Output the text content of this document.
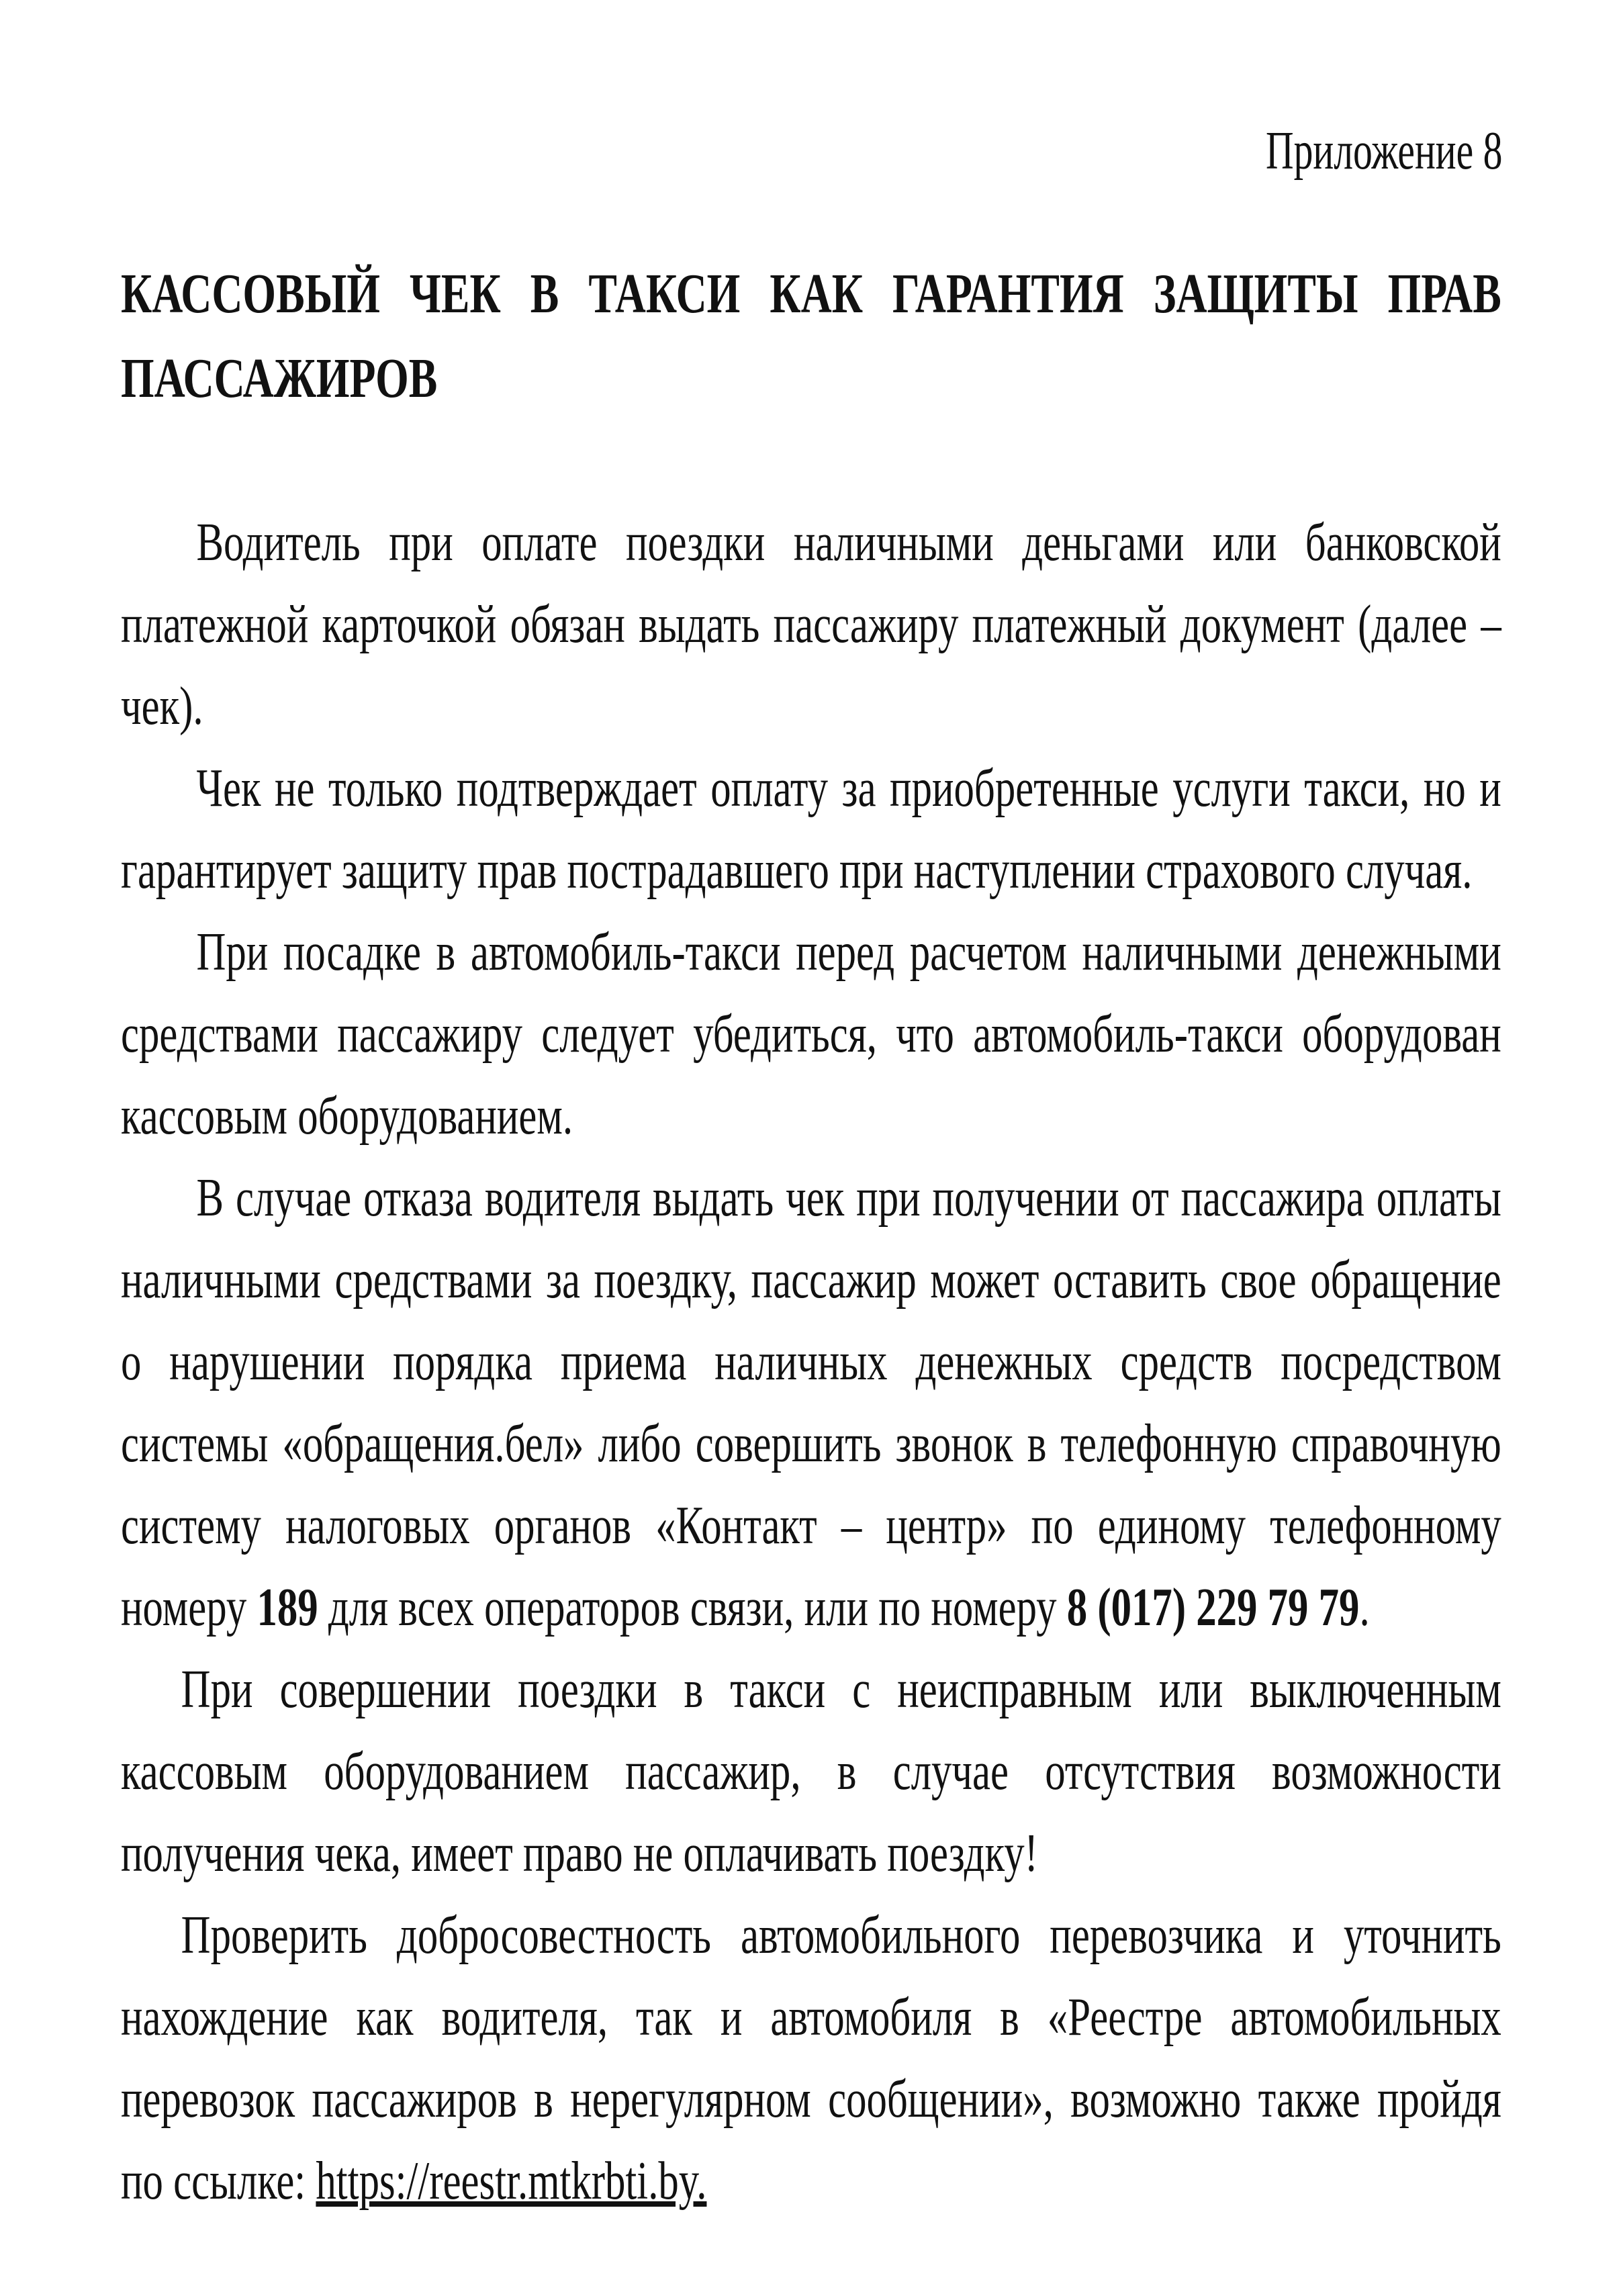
Приложение 8
КАССОВЫЙ ЧЕК В ТАКСИ КАК ГАРАНТИЯ ЗАЩИТЫ ПРАВ ПАССАЖИРОВ

Водитель при оплате поездки наличными деньгами или банковской платежной карточкой обязан выдать пассажиру платежный документ (далее – чек).

Чек не только подтверждает оплату за приобретенные услуги такси, но и гарантирует защиту прав пострадавшего при наступлении страхового случая.

При посадке в автомобиль-такси перед расчетом наличными денежными средствами пассажиру следует убедиться, что автомобиль-такси оборудован кассовым оборудованием.

В случае отказа водителя выдать чек при получении от пассажира оплаты наличными средствами за поездку, пассажир может оставить свое обращение о нарушении порядка приема наличных денежных средств посредством системы «обращения.бел» либо совершить звонок в телефонную справочную систему налоговых органов «Контакт – центр» по единому телефонному номеру 189 для всех операторов связи, или по номеру 8 (017) 229 79 79.

При совершении поездки в такси с неисправным или выключенным кассовым оборудованием пассажир, в случае отсутствия возможности получения чека, имеет право не оплачивать поездку!

Проверить добросовестность автомобильного перевозчика и уточнить нахождение как водителя, так и автомобиля в «Реестре автомобильных перевозок пассажиров в нерегулярном сообщении», возможно также пройдя по ссылке: https://reestr.mtkrbti.by.
